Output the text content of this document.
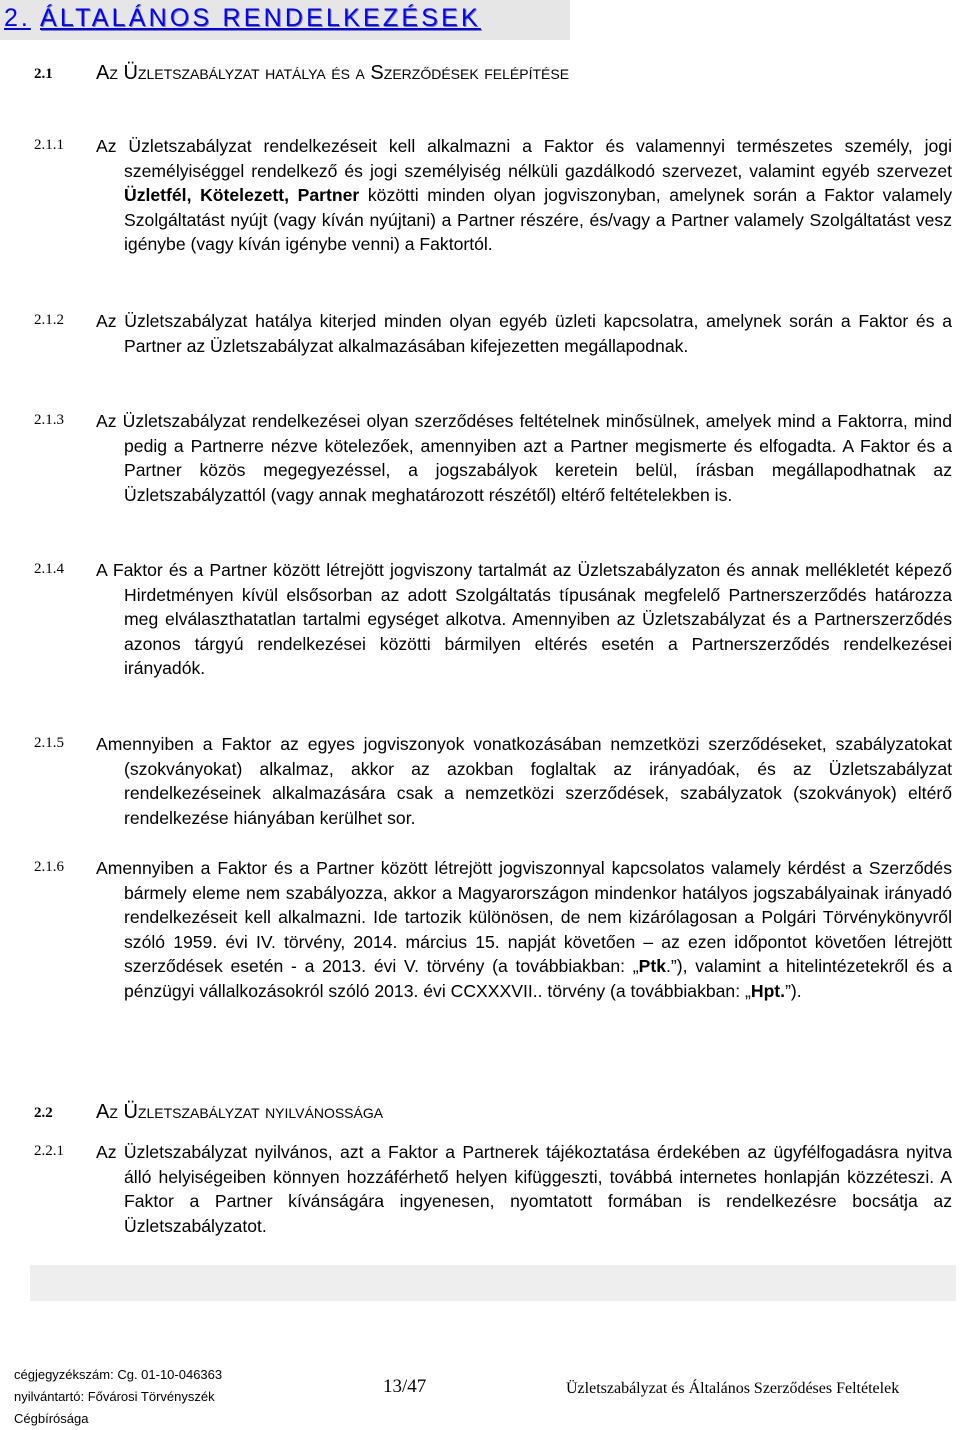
2. ÁLTALÁNOS RENDELKEZÉSEK
2.1 Az Üzletszabályzat hatálya és a Szerződések felépítése
2.1.1 Az Üzletszabályzat rendelkezéseit kell alkalmazni a Faktor és valamennyi természetes személy, jogi személyiséggel rendelkező és jogi személyiség nélküli gazdálkodó szervezet, valamint egyéb szervezet Üzletfél, Kötelezett, Partner közötti minden olyan jogviszonyban, amelynek során a Faktor valamely Szolgáltatást nyújt (vagy kíván nyújtani) a Partner részére, és/vagy a Partner valamely Szolgáltatást vesz igénybe (vagy kíván igénybe venni) a Faktortól.
2.1.2 Az Üzletszabályzat hatálya kiterjed minden olyan egyéb üzleti kapcsolatra, amelynek során a Faktor és a Partner az Üzletszabályzat alkalmazásában kifejezetten megállapodnak.
2.1.3 Az Üzletszabályzat rendelkezései olyan szerződéses feltételnek minősülnek, amelyek mind a Faktorra, mind pedig a Partnerre nézve kötelezőek, amennyiben azt a Partner megismerte és elfogadta. A Faktor és a Partner közös megegyezéssel, a jogszabályok keretein belül, írásban megállapodhatnak az Üzletszabályzattól (vagy annak meghatározott részétől) eltérő feltételekben is.
2.1.4 A Faktor és a Partner között létrejött jogviszony tartalmát az Üzletszabályzaton és annak mellékletét képező Hirdetményen kívül elsősorban az adott Szolgáltatás típusának megfelelő Partnerszerződés határozza meg elválaszthatatlan tartalmi egységet alkotva. Amennyiben az Üzletszabályzat és a Partnerszerződés azonos tárgyú rendelkezései közötti bármilyen eltérés esetén a Partnerszerződés rendelkezései irányadók.
2.1.5 Amennyiben a Faktor az egyes jogviszonyok vonatkozásában nemzetközi szerződéseket, szabályzatokat (szokványokat) alkalmaz, akkor az azokban foglaltak az irányadóak, és az Üzletszabályzat rendelkezéseinek alkalmazására csak a nemzetközi szerződések, szabályzatok (szokványok) eltérő rendelkezése hiányában kerülhet sor.
2.1.6 Amennyiben a Faktor és a Partner között létrejött jogviszonnyal kapcsolatos valamely kérdést a Szerződés bármely eleme nem szabályozza, akkor a Magyarországon mindenkor hatályos jogszabályainak irányadó rendelkezéseit kell alkalmazni. Ide tartozik különösen, de nem kizárólagosan a Polgári Törvénykönyvről szóló 1959. évi IV. törvény, 2014. március 15. napját követően – az ezen időpontot követően létrejött szerződések esetén - a 2013. évi V. törvény (a továbbiakban: „Ptk.”), valamint a hitelintézetekről és a pénzügyi vállalkozásokról szóló 2013. évi CCXXXVII.. törvény (a továbbiakban: „Hpt.”).
2.2 Az Üzletszabályzat nyilvánossága
2.2.1 Az Üzletszabályzat nyilvános, azt a Faktor a Partnerek tájékoztatása érdekében az ügyfélfogadásra nyitva álló helyiségeiben könnyen hozzáférhető helyen kifüggeszti, továbbá internetes honlapján közzéteszi. A Faktor a Partner kívánságára ingyenesen, nyomtatott formában is rendelkezésre bocsátja az Üzletszabályzatot.
cégjegyzékszám: Cg. 01-10-046363
nyilvántartó: Fővárosi Törvényszék
Cégbírósága
13/47	Üzletszabályzat és Általános Szerződéses Feltételek
